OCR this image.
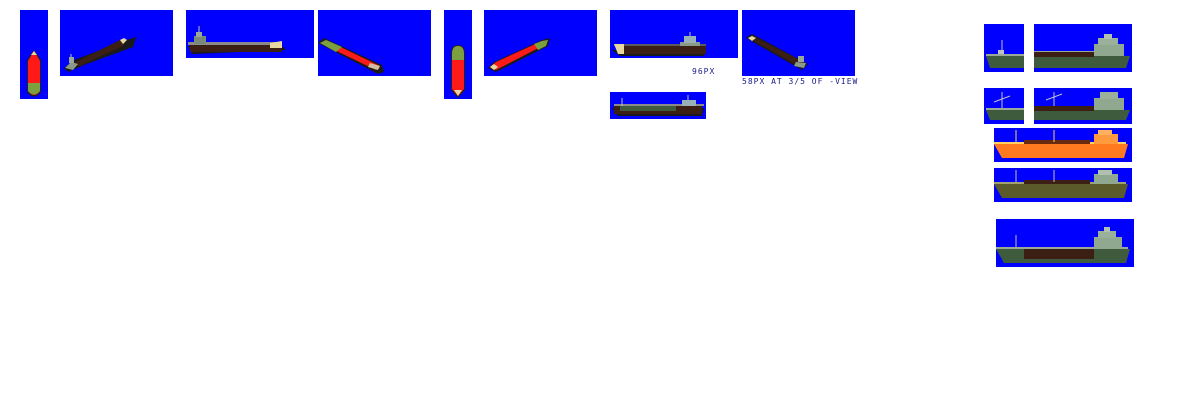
96PX
58PX AT 3/5 OF -VIEW
